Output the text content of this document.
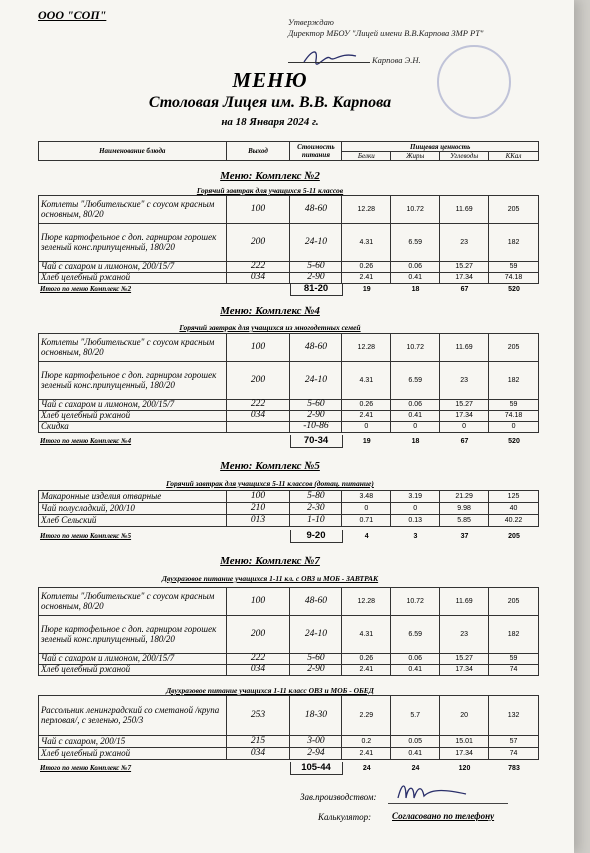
ООО "СОП"	Утверждаю
Директор МБОУ "Лицей имени В.В.Карпова ЗМР РТ"
Карпова Э.Н.
МЕНЮ
Столовая Лицея им. В.В. Карпова
на 18 Января 2024 г.
Наименование блюда	Выход	Стоимость питания	Пищевая ценность			
			Белки	Жиры	Углеводы	ККал
Меню: Комплекс №2
Горячий завтрак для учащихся 5-11 классов
Котлеты "Любительские" с соусом красным основным, 80/20	100	48-60	12.28	10.72	11.69	205
Пюре картофельное с доп. гарниром горошек зеленый конс.припущенный, 180/20	200	24-10	4.31	6.59	23	182
Чай с сахаром и лимоном, 200/15/7	222	5-60	0.26	0.06	15.27	59
Хлеб целебный ржаной	034	2-90	2.41	0.41	17.34	74.18
Итого по меню Комплекс №2		81-20	19	18	67	520
Меню: Комплекс №4
Горячий завтрак для учащихся из многодетных семей
Котлеты "Любительские" с соусом красным основным, 80/20	100	48-60	12.28	10.72	11.69	205
Пюре картофельное с доп. гарниром горошек зеленый конс.припущенный, 180/20	200	24-10	4.31	6.59	23	182
Чай с сахаром и лимоном, 200/15/7	222	5-60	0.26	0.06	15.27	59
Хлеб целебный ржаной	034	2-90	2.41	0.41	17.34	74.18
Скидка		-10-86	0	0	0	0
Итого по меню Комплекс №4		70-34	19	18	67	520
Меню: Комплекс №5
Горячий завтрак для учащихся 5-11 классов (дотац. питание)
Макаронные изделия отварные	100	5-80	3.48	3.19	21.29	125
Чай полусладкий, 200/10	210	2-30	0	0	9.98	40
Хлеб Сельский	013	1-10	0.71	0.13	5.85	40.22
Итого по меню Комплекс №5		9-20	4	3	37	205
Меню: Комплекс №7
Двухразовое питание учащихся 1-11 кл. с ОВЗ и МОБ - ЗАВТРАК
Котлеты "Любительские" с соусом красным основным, 80/20	100	48-60	12.28	10.72	11.69	205
Пюре картофельное с доп. гарниром горошек зеленый конс.припущенный, 180/20	200	24-10	4.31	6.59	23	182
Чай с сахаром и лимоном, 200/15/7	222	5-60	0.26	0.06	15.27	59
Хлеб целебный ржаной	034	2-90	2.41	0.41	17.34	74
Двухразовое питание учащихся 1-11 класс ОВЗ и МОБ - ОБЕД
Рассольник ленинградский со сметаной /крупа перловая/, с зеленью, 250/3	253	18-30	2.29	5.7	20	132
Чай с сахаром, 200/15	215	3-00	0.2	0.05	15.01	57
Хлеб целебный ржаной	034	2-94	2.41	0.41	17.34	74
Итого по меню Комплекс №7		105-44	24	24	120	783
Зав.производством:
Калькулятор: Согласовано по телефону
